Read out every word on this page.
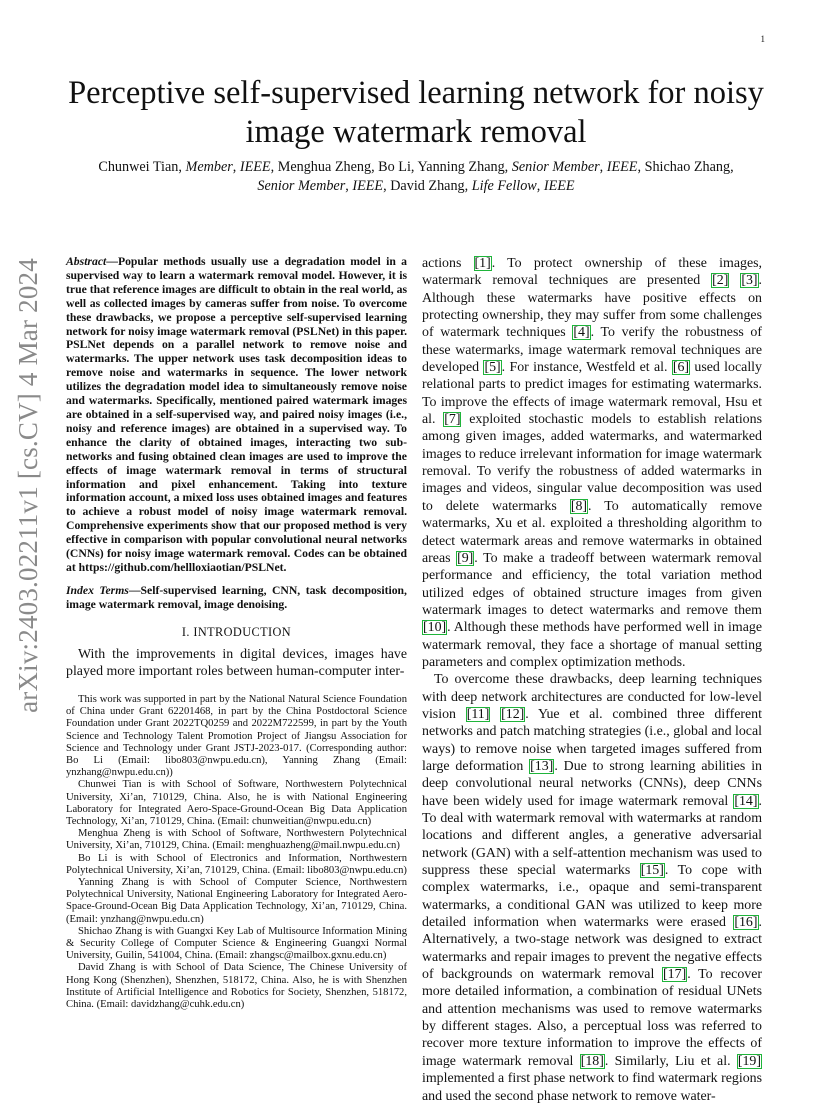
1
arXiv:2403.02211v1 [cs.CV] 4 Mar 2024
Perceptive self-supervised learning network for noisy image watermark removal
Chunwei Tian, Member, IEEE, Menghua Zheng, Bo Li, Yanning Zhang, Senior Member, IEEE, Shichao Zhang,
Senior Member, IEEE, David Zhang, Life Fellow, IEEE

Abstract—Popular methods usually use a degradation model in a supervised way to learn a watermark removal model. However, it is true that reference images are difficult to obtain in the real world, as well as collected images by cameras suffer from noise. To overcome these drawbacks, we propose a perceptive self-supervised learning network for noisy image watermark removal (PSLNet) in this paper. PSLNet depends on a parallel network to remove noise and watermarks. The upper network uses task decomposition ideas to remove noise and watermarks in sequence. The lower network utilizes the degradation model idea to simultaneously remove noise and watermarks. Specifically, mentioned paired watermark images are obtained in a self-supervised way, and paired noisy images (i.e., noisy and reference images) are obtained in a supervised way. To enhance the clarity of obtained images, interacting two sub-networks and fusing obtained clean images are used to improve the effects of image watermark removal in terms of structural information and pixel enhancement. Taking into texture information account, a mixed loss uses obtained images and features to achieve a robust model of noisy image watermark removal. Comprehensive experiments show that our proposed method is very effective in comparison with popular convolutional neural networks (CNNs) for noisy image watermark removal. Codes can be obtained at https://github.com/hellloxiaotian/PSLNet.

Index Terms—Self-supervised learning, CNN, task decomposition, image watermark removal, image denoising.

I. INTRODUCTION

With the improvements in digital devices, images have played more important roles between human-computer inter-

This work was supported in part by the National Natural Science Foundation of China under Grant 62201468, in part by the China Postdoctoral Science Foundation under Grant 2022TQ0259 and 2022M722599, in part by the Youth Science and Technology Talent Promotion Project of Jiangsu Association for Science and Technology under Grant JSTJ-2023-017. (Corresponding author: Bo Li (Email: libo803@nwpu.edu.cn), Yanning Zhang (Email: ynzhang@nwpu.edu.cn))

Chunwei Tian is with School of Software, Northwestern Polytechnical University, Xi’an, 710129, China. Also, he is with National Engineering Laboratory for Integrated Aero-Space-Ground-Ocean Big Data Application Technology, Xi’an, 710129, China. (Email: chunweitian@nwpu.edu.cn)

Menghua Zheng is with School of Software, Northwestern Polytechnical University, Xi’an, 710129, China. (Email: menghuazheng@mail.nwpu.edu.cn)

Bo Li is with School of Electronics and Information, Northwestern Polytechnical University, Xi’an, 710129, China. (Email: libo803@nwpu.edu.cn)

Yanning Zhang is with School of Computer Science, Northwestern Polytechnical University, National Engineering Laboratory for Integrated Aero-Space-Ground-Ocean Big Data Application Technology, Xi’an, 710129, China. (Email: ynzhang@nwpu.edu.cn)

Shichao Zhang is with Guangxi Key Lab of Multisource Information Mining & Security College of Computer Science & Engineering Guangxi Normal University, Guilin, 541004, China. (Email: zhangsc@mailbox.gxnu.edu.cn)

David Zhang is with School of Data Science, The Chinese University of Hong Kong (Shenzhen), Shenzhen, 518172, China. Also, he is with Shenzhen Institute of Artificial Intelligence and Robotics for Society, Shenzhen, 518172, China. (Email: davidzhang@cuhk.edu.cn)

actions [1]. To protect ownership of these images, watermark removal techniques are presented [2] [3]. Although these watermarks have positive effects on protecting ownership, they may suffer from some challenges of watermark techniques [4]. To verify the robustness of these watermarks, image watermark removal techniques are developed [5]. For instance, Westfeld et al. [6] used locally relational parts to predict images for estimating watermarks. To improve the effects of image watermark removal, Hsu et al. [7] exploited stochastic models to establish relations among given images, added watermarks, and watermarked images to reduce irrelevant information for image watermark removal. To verify the robustness of added watermarks in images and videos, singular value decomposition was used to delete watermarks [8]. To automatically remove watermarks, Xu et al. exploited a thresholding algorithm to detect watermark areas and remove watermarks in obtained areas [9]. To make a tradeoff between watermark removal performance and efficiency, the total variation method utilized edges of obtained structure images from given watermark images to detect watermarks and remove them [10]. Although these methods have performed well in image watermark removal, they face a shortage of manual setting parameters and complex optimization methods.

To overcome these drawbacks, deep learning techniques with deep network architectures are conducted for low-level vision [11] [12]. Yue et al. combined three different networks and patch matching strategies (i.e., global and local ways) to remove noise when targeted images suffered from large deformation [13]. Due to strong learning abilities in deep convolutional neural networks (CNNs), deep CNNs have been widely used for image watermark removal [14]. To deal with watermark removal with watermarks at random locations and different angles, a generative adversarial network (GAN) with a self-attention mechanism was used to suppress these special watermarks [15]. To cope with complex watermarks, i.e., opaque and semi-transparent watermarks, a conditional GAN was utilized to keep more detailed information when watermarks were erased [16]. Alternatively, a two-stage network was designed to extract watermarks and repair images to prevent the negative effects of backgrounds on watermark removal [17]. To recover more detailed information, a combination of residual UNets and attention mechanisms was used to remove watermarks by different stages. Also, a perceptual loss was referred to recover more texture information to improve the effects of image watermark removal [18]. Similarly, Liu et al. [19] implemented a first phase network to find watermark regions and used the second phase network to remove water-
